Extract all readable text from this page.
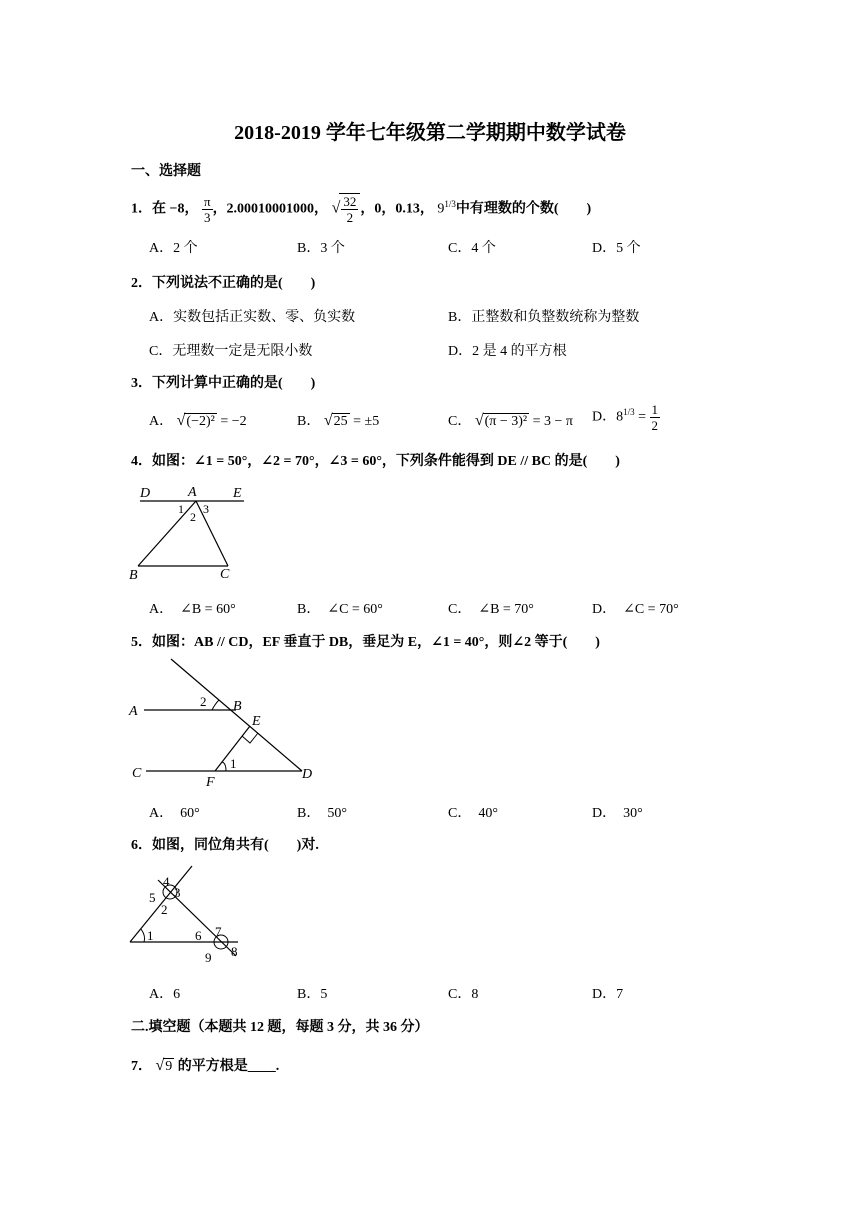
2018-2019 学年七年级第二学期期中数学试卷
一、选择题
1．在 −8， $\frac{\pi}{3}$ ，2.00010001000， √ $\frac{32}{2}$ ，0，0.13， $9^{1/3}$中有理数的个数(　　)
A．2 个	B．3 个	C．4 个	D．5 个
2．下列说法不正确的是(　　)
A．实数包括正实数、零、负实数	B．正整数和负整数统称为整数
C．无理数一定是无限小数	D．2 是 4 的平方根
3．下列计算中正确的是(　　)
A． √(−2)² = −2	B． √25 = ±5	C． √(π − 3)² = 3 − π D．$8^{1/3} = \frac{1}{2}$
4．如图：∠1 = 50°，∠2 = 70°，∠3 = 60°，下列条件能得到 DE // BC 的是(　　)
D	A	E
B	C
1
2
3
A．　∠B = 60°	B．　∠C = 60°	C．　∠B = 70°	D．　∠C = 70°
5．如图：AB // CD，EF 垂直于 DB，垂足为 E，∠1 = 40°，则∠2 等于(　　)
A	B
E
C
F
D
2
1
A．　60°	B．　50°	C．　40°	D．　30°
6．如图，同位角共有(　　)对.
1
2
3
4
5
6 7
8
9
A．6	B．5	C．8	D．7
二.填空题（本题共 12 题，每题 3 分，共 36 分）
7． √9 的平方根是____.
